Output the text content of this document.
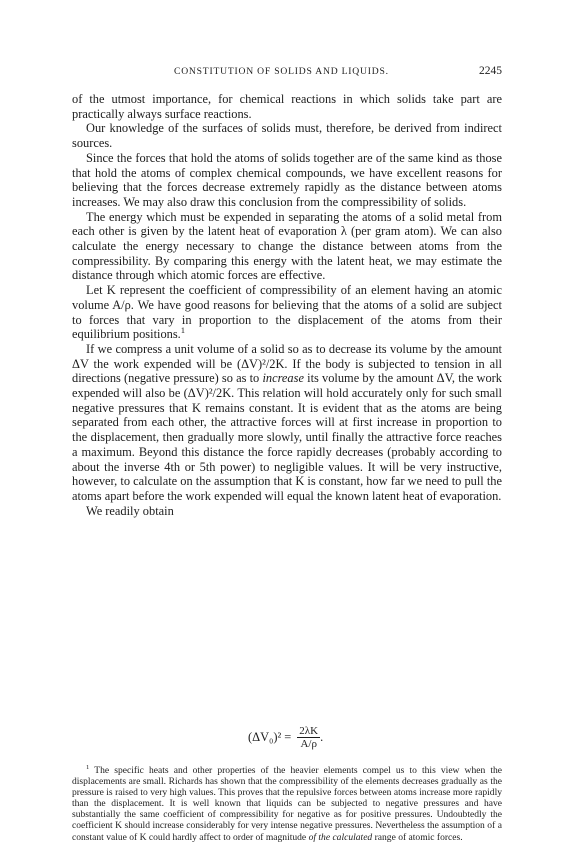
CONSTITUTION OF SOLIDS AND LIQUIDS.	2245

of the utmost importance, for chemical reactions in which solids take part are practically always surface reactions.

Our knowledge of the surfaces of solids must, therefore, be derived from indirect sources.

Since the forces that hold the atoms of solids together are of the same kind as those that hold the atoms of complex chemical compounds, we have excellent reasons for believing that the forces decrease extremely rapidly as the distance between atoms increases. We may also draw this conclusion from the compressibility of solids.

The energy which must be expended in separating the atoms of a solid metal from each other is given by the latent heat of evaporation λ (per gram atom). We can also calculate the energy necessary to change the distance between atoms from the compressibility. By comparing this energy with the latent heat, we may estimate the distance through which atomic forces are effective.

Let K represent the coefficient of compressibility of an element having an atomic volume A/ρ. We have good reasons for believing that the atoms of a solid are subject to forces that vary in proportion to the displacement of the atoms from their equilibrium positions.$^1$

If we compress a unit volume of a solid so as to decrease its volume by the amount ΔV the work expended will be (ΔV)²/2K. If the body is subjected to tension in all directions (negative pressure) so as to increase its volume by the amount ΔV, the work expended will also be (ΔV)²/2K. This relation will hold accurately only for such small negative pressures that K remains constant. It is evident that as the atoms are being separated from each other, the attractive forces will at first increase in proportion to the displacement, then gradually more slowly, until finally the attractive force reaches a maximum. Beyond this distance the force rapidly decreases (probably according to about the inverse 4th or 5th power) to negligible values. It will be very instructive, however, to calculate on the assumption that K is constant, how far we need to pull the atoms apart before the work expended will equal the known latent heat of evaporation.

We readily obtain

$(\Delta V_0)^2 = \frac{2\lambda K}{A/\rho}$ .

$^1$ The specific heats and other properties of the heavier elements compel us to this view when the displacements are small. Richards has shown that the compressibility of the elements decreases gradually as the pressure is raised to very high values. This proves that the repulsive forces between atoms increase more rapidly than the displacement. It is well known that liquids can be subjected to negative pressures and have substantially the same coefficient of compressibility for negative as for positive pressures. Undoubtedly the coefficient K should increase considerably for very intense negative pressures. Nevertheless the assumption of a constant value of K could hardly affect to order of magnitude of the calculated range of atomic forces.
